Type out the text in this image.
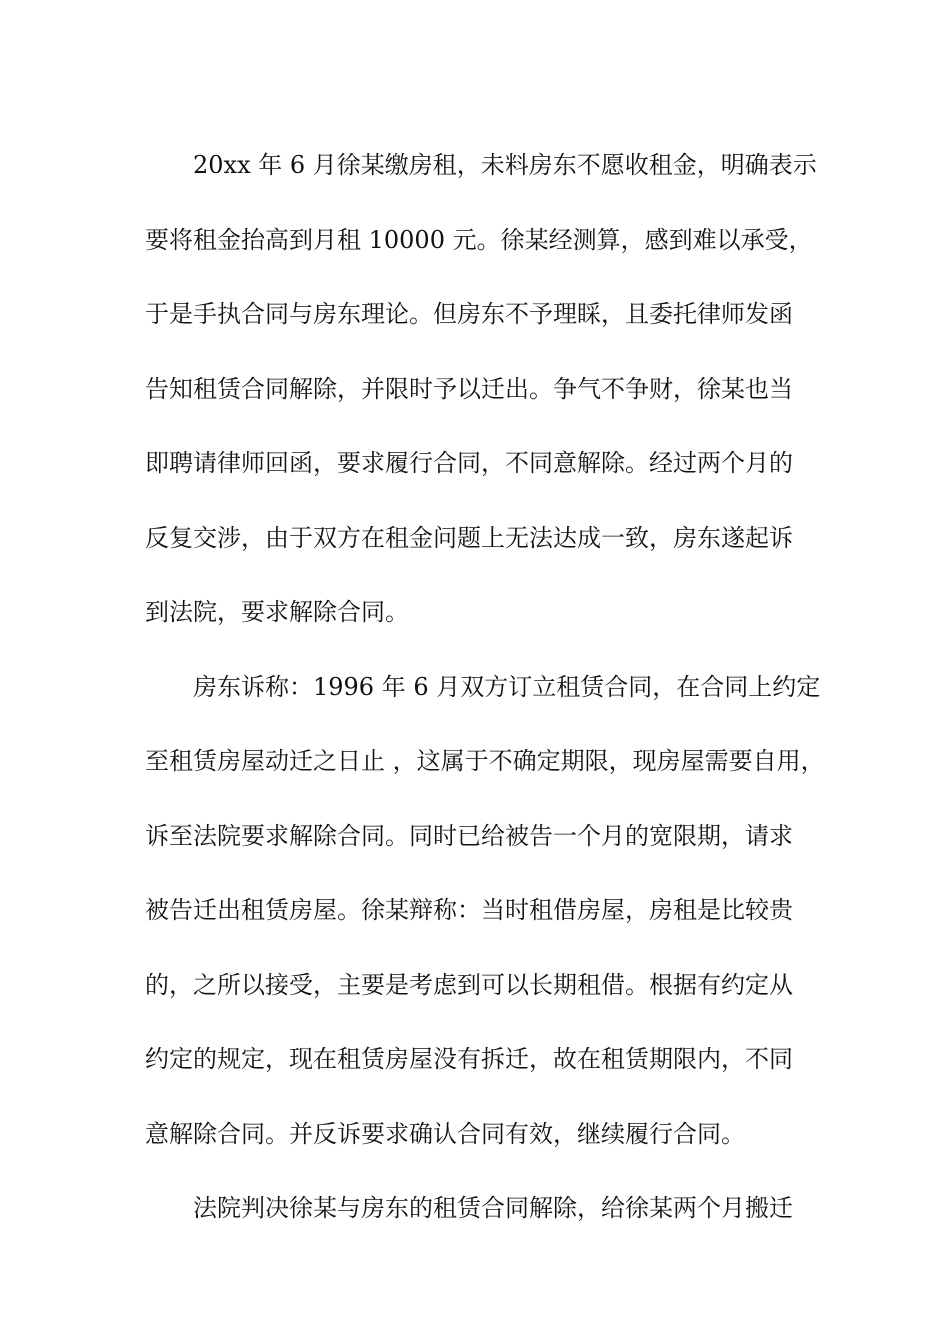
20xx 年 6 月徐某缴房租，未料房东不愿收租金，明确表示
要将租金抬高到月租 10000 元。徐某经测算，感到难以承受，
于是手执合同与房东理论。但房东不予理睬，且委托律师发函
告知租赁合同解除，并限时予以迁出。争气不争财，徐某也当
即聘请律师回函，要求履行合同，不同意解除。经过两个月的
反复交涉，由于双方在租金问题上无法达成一致，房东遂起诉
到法院，要求解除合同。
房东诉称：1996 年 6 月双方订立租赁合同，在合同上约定
至租赁房屋动迁之日止 ，这属于不确定期限，现房屋需要自用，
诉至法院要求解除合同。同时已给被告一个月的宽限期，请求
被告迁出租赁房屋。徐某辩称：当时租借房屋，房租是比较贵
的，之所以接受，主要是考虑到可以长期租借。根据有约定从
约定的规定，现在租赁房屋没有拆迁，故在租赁期限内，不同
意解除合同。并反诉要求确认合同有效，继续履行合同。
法院判决徐某与房东的租赁合同解除，给徐某两个月搬迁
